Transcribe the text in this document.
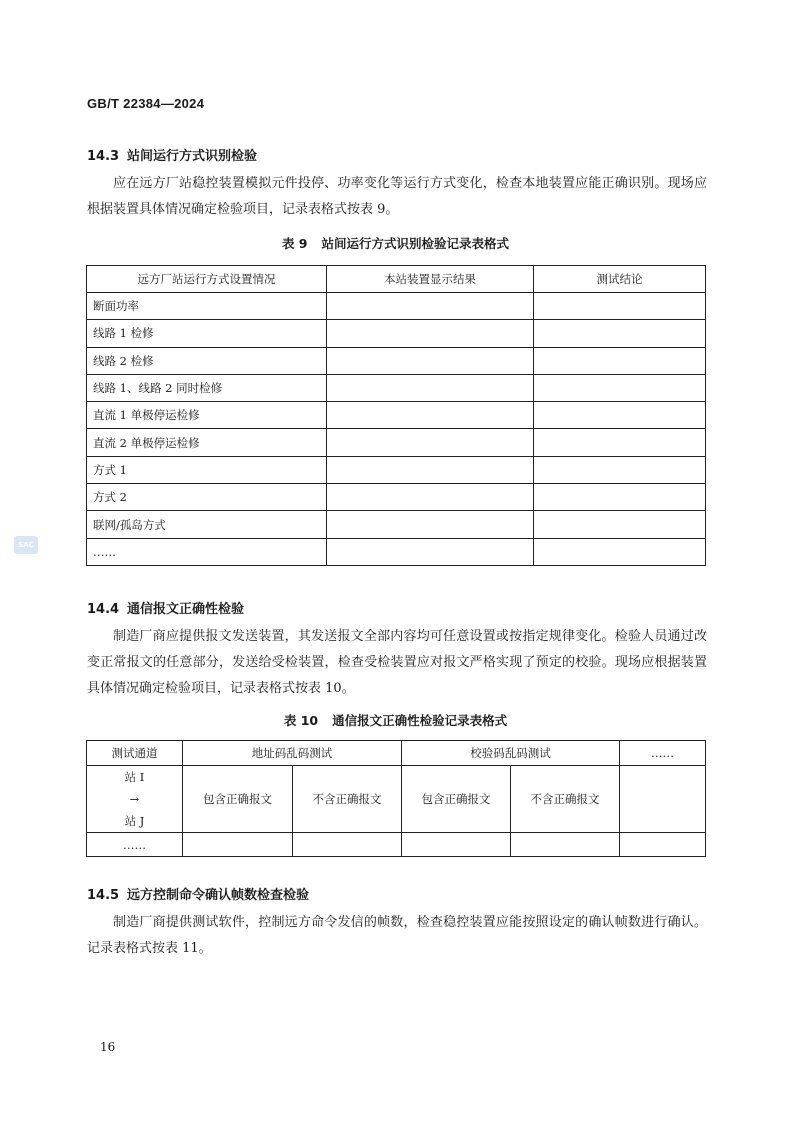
GB/T 22384—2024
14.3 站间运行方式识别检验

应在远方厂站稳控装置模拟元件投停、功率变化等运行方式变化，检查本地装置应能正确识别。现场应根据装置具体情况确定检验项目，记录表格式按表 9。

表 9 站间运行方式识别检验记录表格式
远方厂站运行方式设置情况	本站装置显示结果	测试结论
断面功率		
线路 1 检修		
线路 2 检修		
线路 1、线路 2 同时检修		
直流 1 单极停运检修		
直流 2 单极停运检修		
方式 1		
方式 2		
联网/孤岛方式		
……		
14.4 通信报文正确性检验

制造厂商应提供报文发送装置，其发送报文全部内容均可任意设置或按指定规律变化。检验人员通过改变正常报文的任意部分，发送给受检装置，检查受检装置应对报文严格实现了预定的校验。现场应根据装置具体情况确定检验项目，记录表格式按表 10。

表 10 通信报文正确性检验记录表格式
测试通道	地址码乱码测试		校验码乱码测试		……

站 I
→
站 J	包含正确报文	不含正确报文	包含正确报文	不含正确报文	
……					
14.5 远方控制命令确认帧数检查检验

制造厂商提供测试软件，控制远方命令发信的帧数，检查稳控装置应能按照设定的确认帧数进行确认。记录表格式按表 11。

SAC
16
